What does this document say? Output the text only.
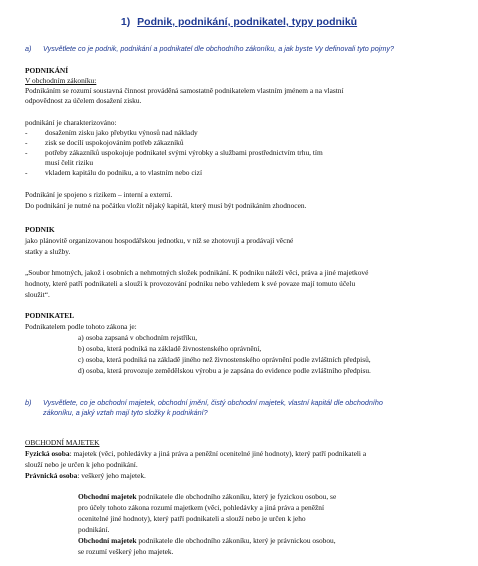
1) Podnik, podnikání, podnikatel, typy podniků
a) Vysvětlete co je podnik, podnikání a podnikatel dle obchodního zákoníku, a jak byste Vy definovali tyto pojmy?
PODNIKÁNÍ
V obchodním zákoníku:
Podnikáním se rozumí soustavná činnost prováděná samostatně podnikatelem vlastním jménem a na vlastní
odpovědnost za účelem dosažení zisku.
podnikání je charakterizováno:
- dosažením zisku jako přebytku výnosů nad náklady
- zisk se docílí uspokojováním potřeb zákazníků
- potřeby zákazníků uspokojuje podnikatel svými výrobky a službami prostřednictvím trhu, tím
musí čelit riziku
- vkladem kapitálu do podniku, a to vlastním nebo cizí
Podnikání je spojeno s rizikem – interní a externí.
Do podnikání je nutné na počátku vložit nějaký kapitál, který musí být podnikáním zhodnocen.
PODNIK
jako plánovitě organizovanou hospodářskou jednotku, v níž se zhotovují a prodávají věcné
statky a služby.
„Soubor hmotných, jakož i osobních a nehmotných složek podnikání. K podniku náleží věci, práva a jiné majetkové
hodnoty, které patří podnikateli a slouží k provozování podniku nebo vzhledem k své povaze mají tomuto účelu
sloužit“.
PODNIKATEL
Podnikatelem podle tohoto zákona je:
a) osoba zapsaná v obchodním rejstříku,
b) osoba, která podniká na základě živnostenského oprávnění,
c) osoba, která podniká na základě jiného než živnostenského oprávnění podle zvláštních předpisů,
d) osoba, která provozuje zemědělskou výrobu a je zapsána do evidence podle zvláštního předpisu.
b) Vysvětlete, co je obchodní majetek, obchodní jmění, čistý obchodní majetek, vlastní kapitál dle obchodního
zákoníku, a jaký vztah mají tyto složky k podnikání?
OBCHODNÍ MAJETEK
Fyzická osoba: majetek (věci, pohledávky a jiná práva a peněžní ocenitelné jiné hodnoty), který patří podnikateli a
slouží nebo je určen k jeho podnikání.
Právnická osoba: veškerý jeho majetek.
Obchodní majetek podnikatele dle obchodního zákoníku, který je fyzickou osobou, se
pro účely tohoto zákona rozumí majetkem (věci, pohledávky a jiná práva a peněžní
ocenitelné jiné hodnoty), který patří podnikateli a slouží nebo je určen k jeho
podnikání.
Obchodní majetek podnikatele dle obchodního zákoníku, který je právnickou osobou,
se rozumí veškerý jeho majetek.
